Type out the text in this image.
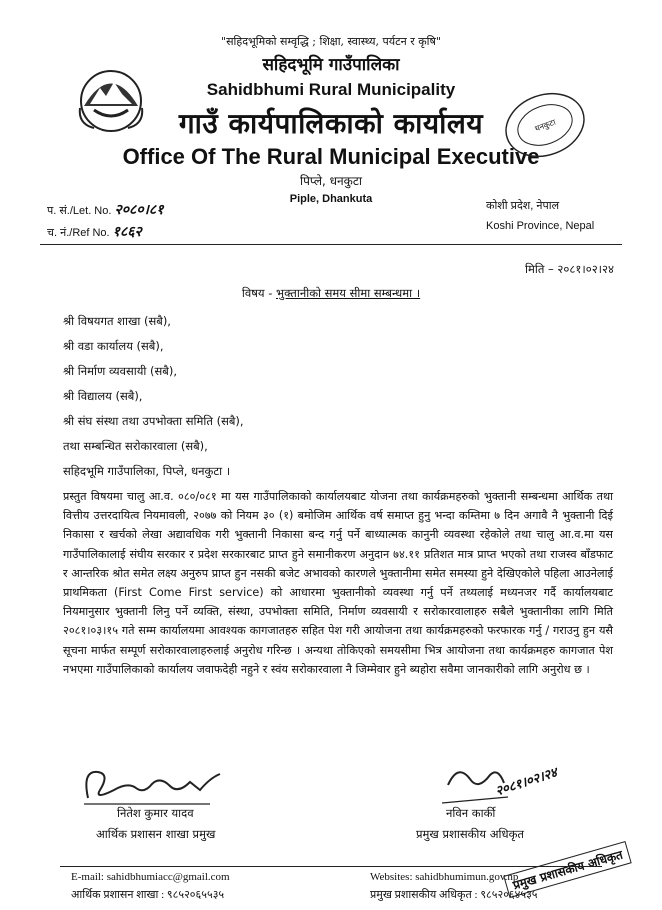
"सहिदभूमिको सम्वृद्धि ; शिक्षा, स्वास्थ्य, पर्यटन र कृषि"
सहिदभूमि गाउँपालिका
Sahidbhumi Rural Municipality
गाउँ कार्यपालिकाको कार्यालय
Office Of The Rural Municipal Executive
धनकुटा
पिप्ले, धनकुटा
Piple, Dhankuta
प. सं./Let. No. २०८०।८१
च. नं./Ref No. १८६२
कोशी प्रदेश, नेपाल
Koshi Province, Nepal
मिति – २०८१।०२।२४
विषय - भुक्तानीको समय सीमा सम्बन्धमा ।
श्री विषयगत शाखा (सबै),
श्री वडा कार्यालय (सबै),
श्री निर्माण व्यवसायी (सबै),
श्री विद्यालय (सबै),
श्री संघ संस्था तथा उपभोक्ता समिति (सबै),
तथा सम्बन्धित सरोकारवाला (सबै),
सहिदभूमि गाउँपालिका, पिप्ले, धनकुटा ।
प्रस्तुत विषयमा चालु आ.व. ०८०/०८१ मा यस गाउँपालिकाको कार्यालयबाट योजना तथा कार्यक्रमहरुको भुक्तानी सम्बन्धमा आर्थिक तथा वित्तीय उत्तरदायित्व नियमावली, २०७७ को नियम ३० (१) बमोजिम आर्थिक वर्ष समाप्त हुनु भन्दा कम्तिमा ७ दिन अगावै नै भुक्तानी दिई निकासा र खर्चको लेखा अद्यावधिक गरी भुक्तानी निकासा बन्द गर्नु पर्ने बाध्यात्मक कानुनी व्यवस्था रहेकोले तथा चालु आ.व.मा यस गाउँपालिकालाई संघीय सरकार र प्रदेश सरकारबाट प्राप्त हुने समानीकरण अनुदान ७४.११ प्रतिशत मात्र प्राप्त भएको तथा राजस्व बाँडफाट र आन्तरिक श्रोत समेत लक्ष्य अनुरुप प्राप्त हुन नसकी बजेट अभावको कारणले भुक्तानीमा समेत समस्या हुने देखिएकोले पहिला आउनेलाई प्राथमिकता (First Come First service) को आधारमा भुक्तानीको व्यवस्था गर्नु पर्ने तथ्यलाई मध्यनजर गर्दै कार्यालयबाट नियमानुसार भुक्तानी लिनु पर्ने व्यक्ति, संस्था, उपभोक्ता समिति, निर्माण व्यवसायी र सरोकारवालाहरु सबैले भुक्तानीका लागि मिति २०८१।०३।१५ गते सम्म कार्यालयमा आवश्यक कागजातहरु सहित पेश गरी आयोजना तथा कार्यक्रमहरुको फरफारक गर्नु / गराउनु हुन यसै सूचना मार्फत सम्पूर्ण सरोकारवालाहरुलाई अनुरोध गरिन्छ । अन्यथा तोकिएको समयसीमा भित्र आयोजना तथा कार्यक्रमहरु कागजात पेश नभएमा गाउँपालिकाको कार्यालय जवाफदेही नहुने र स्वंय सरोकारवाला नै जिम्मेवार हुने ब्यहोरा सवैमा जानकारीको लागि अनुरोध छ ।
नितेश कुमार यादव
आर्थिक प्रशासन शाखा प्रमुख
२०८१।०२।२४
नविन कार्की
प्रमुख प्रशासकीय अधिकृत
प्रमुख प्रशासकीय अधिकृत
E-mail: sahidbhumiacc@gmail.com
आर्थिक प्रशासन शाखा : ९८५२०६५५३५
Websites: sahidbhumimun.gov.np
प्रमुख प्रशासकीय अधिकृत : ९८५२०६४५३५
